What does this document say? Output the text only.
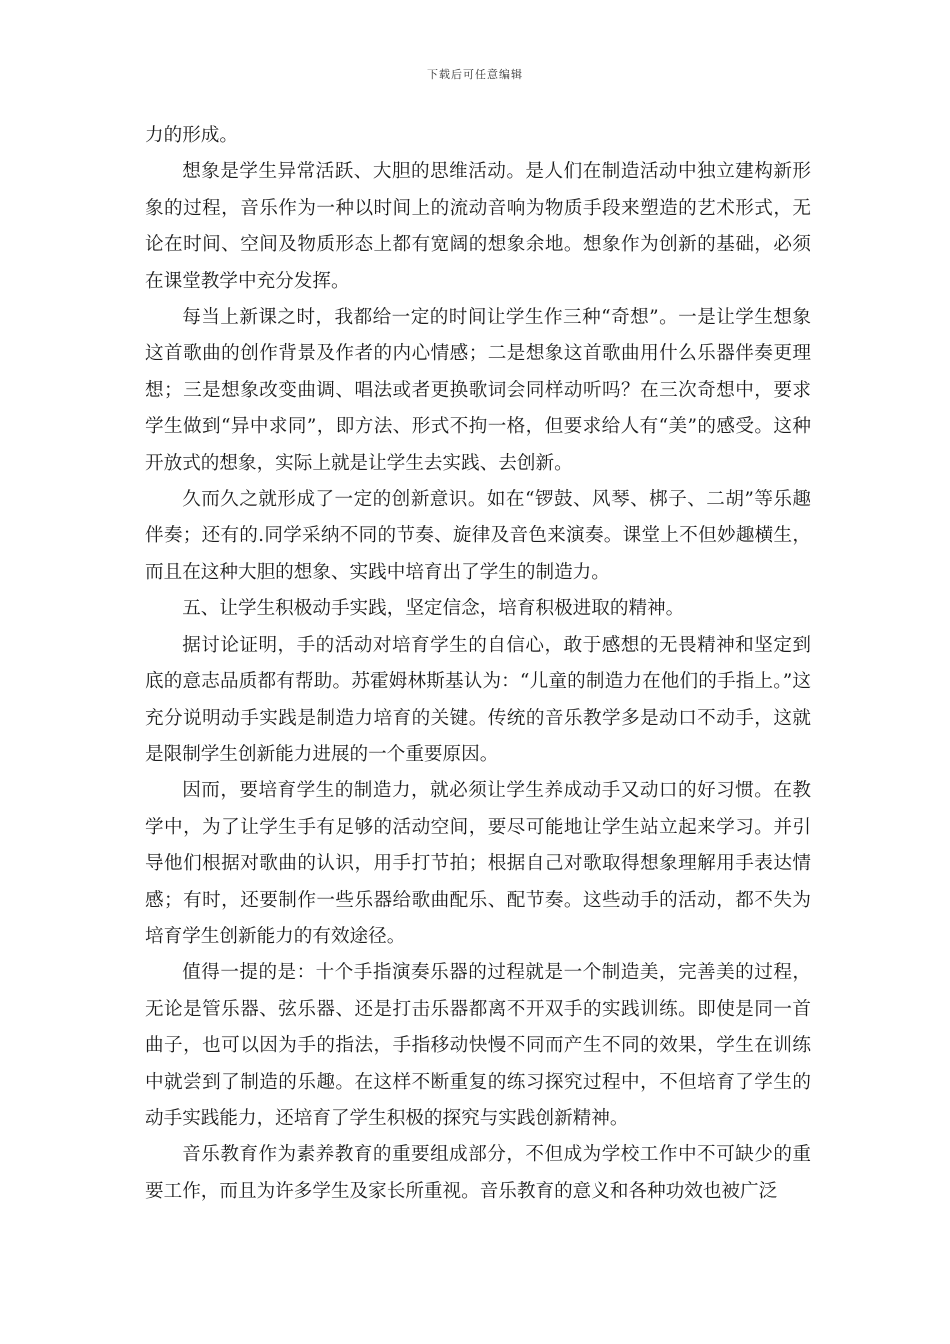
下载后可任意编辑

力的形成。

想象是学生异常活跃、大胆的思维活动。是人们在制造活动中独立建构新形象的过程，音乐作为一种以时间上的流动音响为物质手段来塑造的艺术形式，无论在时间、空间及物质形态上都有宽阔的想象余地。想象作为创新的基础，必须在课堂教学中充分发挥。

每当上新课之时，我都给一定的时间让学生作三种“奇想”。一是让学生想象这首歌曲的创作背景及作者的内心情感；二是想象这首歌曲用什么乐器伴奏更理想；三是想象改变曲调、唱法或者更换歌词会同样动听吗？在三次奇想中，要求学生做到“异中求同”，即方法、形式不拘一格，但要求给人有“美”的感受。这种开放式的想象，实际上就是让学生去实践、去创新。

久而久之就形成了一定的创新意识。如在“锣鼓、风琴、梆子、二胡”等乐趣伴奏；还有的.同学采纳不同的节奏、旋律及音色来演奏。课堂上不但妙趣横生，而且在这种大胆的想象、实践中培育出了学生的制造力。

五、让学生积极动手实践，坚定信念，培育积极进取的精神。

据讨论证明，手的活动对培育学生的自信心，敢于感想的无畏精神和坚定到底的意志品质都有帮助。苏霍姆林斯基认为：“儿童的制造力在他们的手指上。”这充分说明动手实践是制造力培育的关键。传统的音乐教学多是动口不动手，这就是限制学生创新能力进展的一个重要原因。

因而，要培育学生的制造力，就必须让学生养成动手又动口的好习惯。在教学中，为了让学生手有足够的活动空间，要尽可能地让学生站立起来学习。并引导他们根据对歌曲的认识，用手打节拍；根据自己对歌取得想象理解用手表达情感；有时，还要制作一些乐器给歌曲配乐、配节奏。这些动手的活动，都不失为培育学生创新能力的有效途径。

值得一提的是：十个手指演奏乐器的过程就是一个制造美，完善美的过程，无论是管乐器、弦乐器、还是打击乐器都离不开双手的实践训练。即使是同一首曲子，也可以因为手的指法，手指移动快慢不同而产生不同的效果，学生在训练中就尝到了制造的乐趣。在这样不断重复的练习探究过程中，不但培育了学生的动手实践能力，还培育了学生积极的探究与实践创新精神。

音乐教育作为素养教育的重要组成部分，不但成为学校工作中不可缺少的重要工作，而且为许多学生及家长所重视。音乐教育的意义和各种功效也被广泛
